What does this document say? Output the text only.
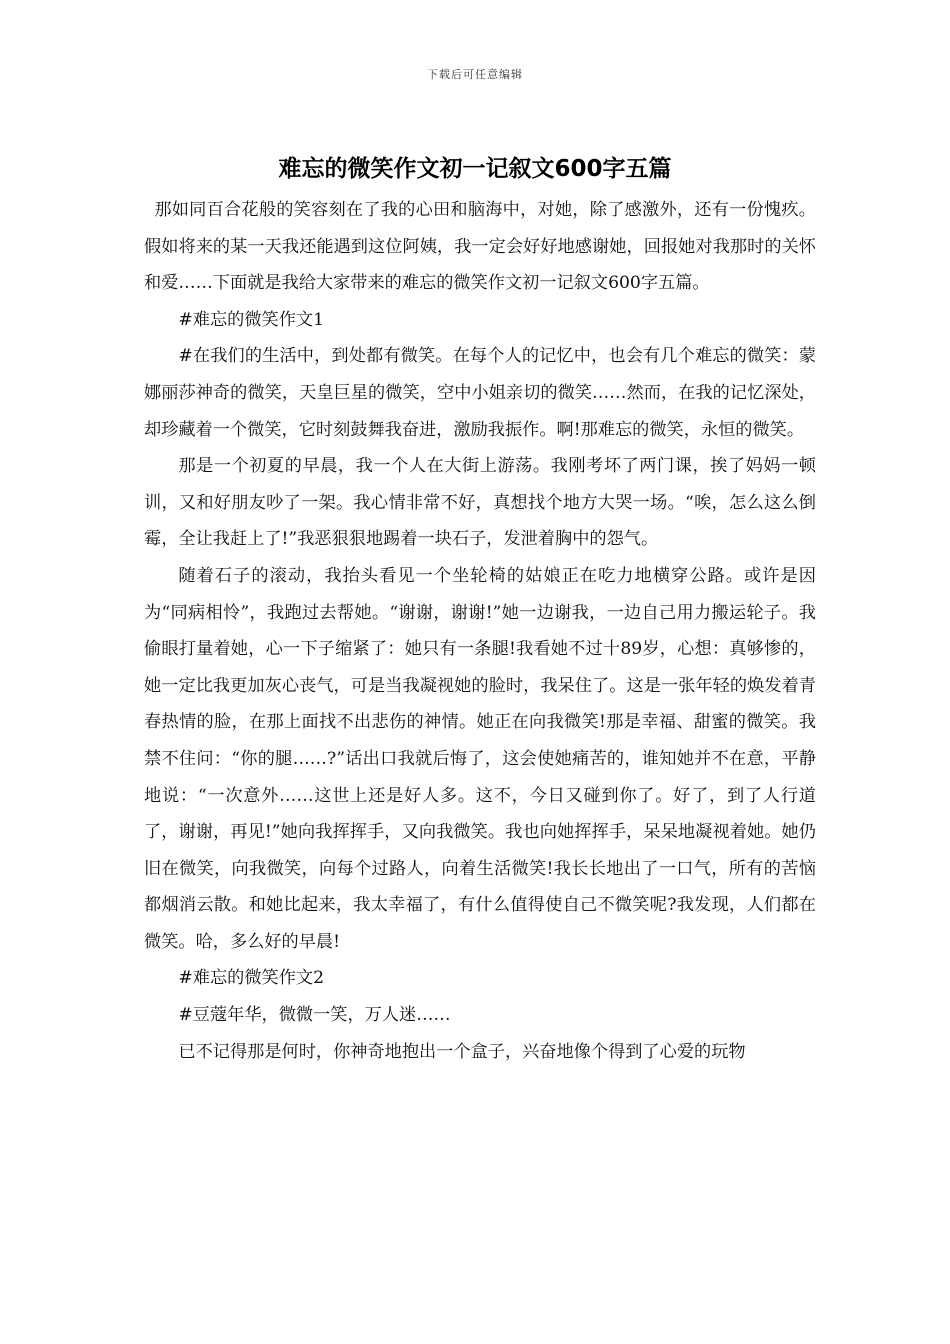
下载后可任意编辑
难忘的微笑作文初一记叙文600字五篇

那如同百合花般的笑容刻在了我的心田和脑海中，对她，除了感激外，还有一份愧疚。假如将来的某一天我还能遇到这位阿姨，我一定会好好地感谢她，回报她对我那时的关怀和爱……下面就是我给大家带来的难忘的微笑作文初一记叙文600字五篇。

#难忘的微笑作文1

#在我们的生活中，到处都有微笑。在每个人的记忆中，也会有几个难忘的微笑：蒙娜丽莎神奇的微笑，天皇巨星的微笑，空中小姐亲切的微笑……然而，在我的记忆深处，却珍藏着一个微笑，它时刻鼓舞我奋进，激励我振作。啊!那难忘的微笑，永恒的微笑。

那是一个初夏的早晨，我一个人在大街上游荡。我刚考坏了两门课，挨了妈妈一顿训，又和好朋友吵了一架。我心情非常不好，真想找个地方大哭一场。“唉，怎么这么倒霉，全让我赶上了!”我恶狠狠地踢着一块石子，发泄着胸中的怨气。

随着石子的滚动，我抬头看见一个坐轮椅的姑娘正在吃力地横穿公路。或许是因为“同病相怜”，我跑过去帮她。“谢谢，谢谢!”她一边谢我，一边自己用力搬运轮子。我偷眼打量着她，心一下子缩紧了：她只有一条腿!我看她不过十89岁，心想：真够惨的，她一定比我更加灰心丧气，可是当我凝视她的脸时，我呆住了。这是一张年轻的焕发着青春热情的脸，在那上面找不出悲伤的神情。她正在向我微笑!那是幸福、甜蜜的微笑。我禁不住问：“你的腿……?”话出口我就后悔了，这会使她痛苦的，谁知她并不在意，平静地说：“一次意外……这世上还是好人多。这不，今日又碰到你了。好了，到了人行道了，谢谢，再见!”她向我挥挥手，又向我微笑。我也向她挥挥手，呆呆地凝视着她。她仍旧在微笑，向我微笑，向每个过路人，向着生活微笑!我长长地出了一口气，所有的苦恼都烟消云散。和她比起来，我太幸福了，有什么值得使自己不微笑呢?我发现，人们都在微笑。哈，多么好的早晨!

#难忘的微笑作文2

#豆蔻年华，微微一笑，万人迷……

已不记得那是何时，你神奇地抱出一个盒子，兴奋地像个得到了心爱的玩物
